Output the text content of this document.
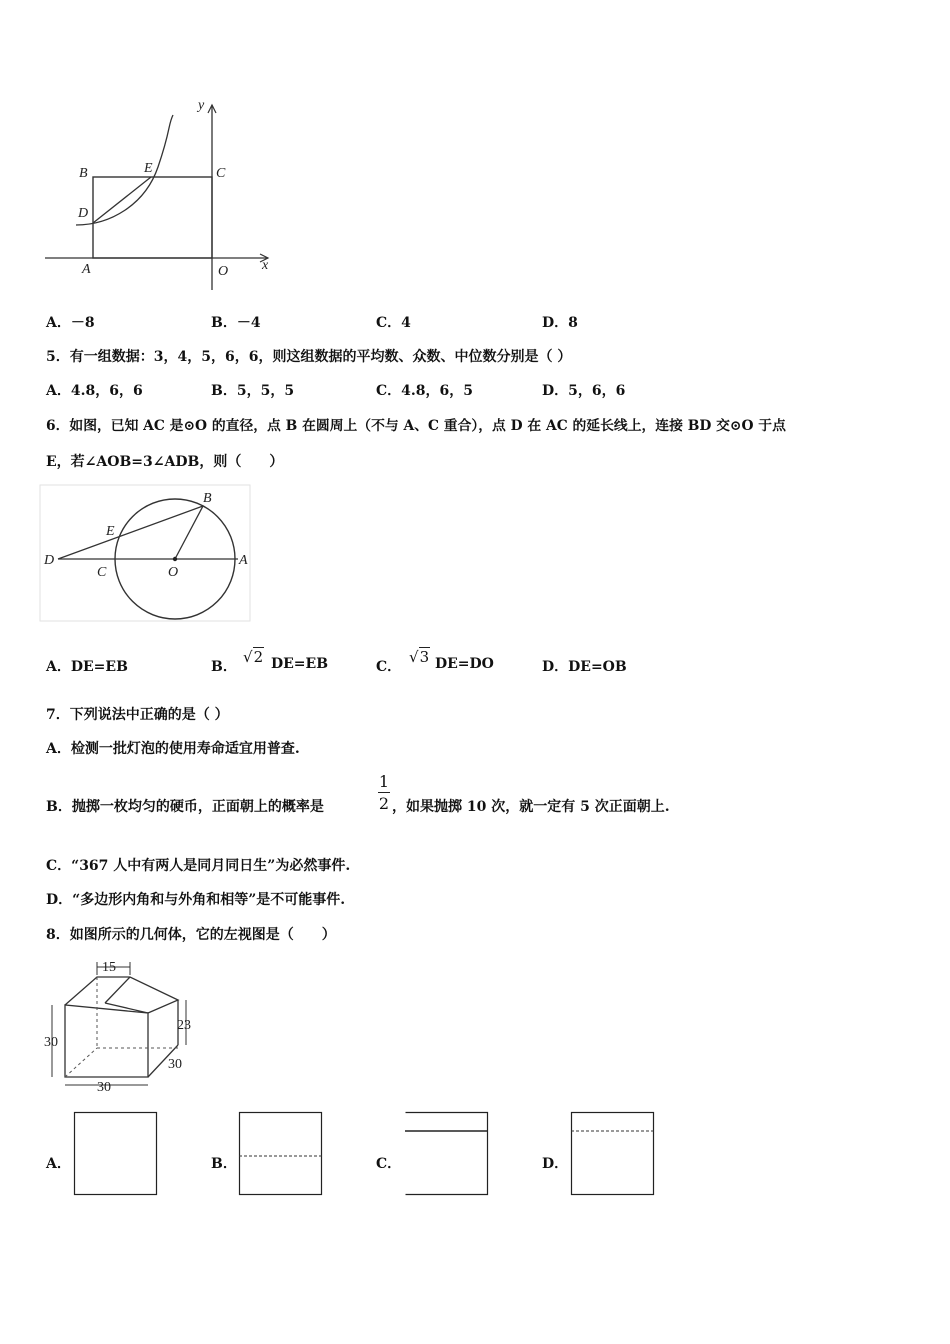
y
x
B	E	C
D
A	O
A．－8	B．－4	C．4	D．8
5．有一组数据：3，4，5，6，6，则这组数据的平均数、众数、中位数分别是（ ）
A．4.8，6，6	B．5，5，5	C．4.8，6，5	D．5，6，6
6．如图，已知 AC 是⊙O 的直径，点 B 在圆周上（不与 A、C 重合），点 D 在 AC 的延长线上，连接 BD 交⊙O 于点
E，若∠AOB=3∠ADB，则（　　）
B
E
D
C	O
A
A．DE=EB	B．
√2 DE=EB	C．
√3 DE=DO	D．DE=OB
7．下列说法中正确的是（ ）
A．检测一批灯泡的使用寿命适宜用普查.
B．抛掷一枚均匀的硬币，正面朝上的概率是
1
2 ，如果抛掷 10 次，就一定有 5 次正面朝上.
C．“367 人中有两人是同月同日生”为必然事件.
D．“多边形内角和与外角和相等”是不可能事件.
8．如图所示的几何体，它的左视图是（　　）
15
30
23
30
30
A．	B．	C．	D．
